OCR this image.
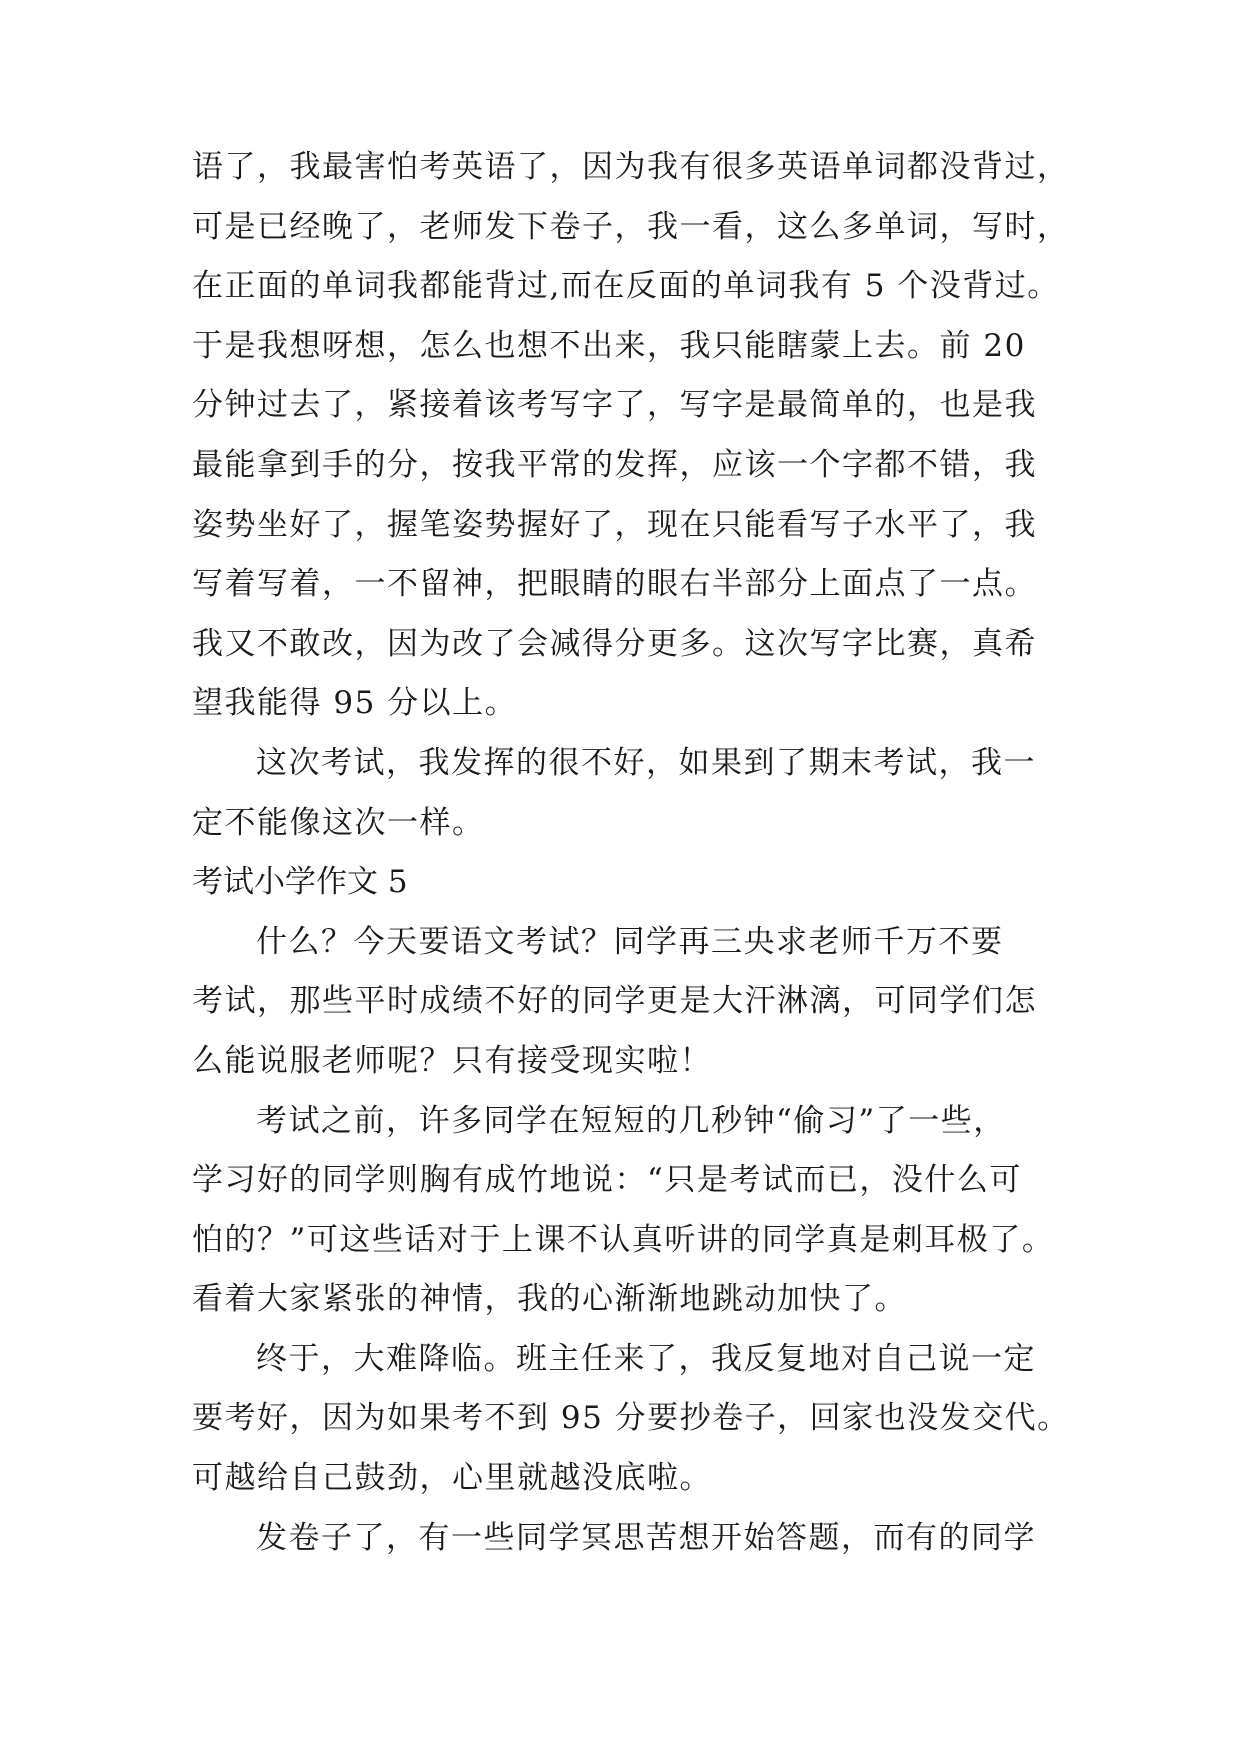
语了，我最害怕考英语了，因为我有很多英语单词都没背过，
可是已经晚了，老师发下卷子，我一看，这么多单词，写时，
在正面的单词我都能背过,而在反面的单词我有 5 个没背过。
于是我想呀想，怎么也想不出来，我只能瞎蒙上去。前 20
分钟过去了，紧接着该考写字了，写字是最简单的，也是我
最能拿到手的分，按我平常的发挥，应该一个字都不错，我
姿势坐好了，握笔姿势握好了，现在只能看写子水平了，我
写着写着，一不留神，把眼睛的眼右半部分上面点了一点。
我又不敢改，因为改了会减得分更多。这次写字比赛，真希
望我能得 95 分以上。
这次考试，我发挥的很不好，如果到了期末考试，我一
定不能像这次一样。
考试小学作文 5
什么？今天要语文考试？同学再三央求老师千万不要
考试，那些平时成绩不好的同学更是大汗淋漓，可同学们怎
么能说服老师呢？只有接受现实啦！
考试之前，许多同学在短短的几秒钟“偷习”了一些，
学习好的同学则胸有成竹地说：“只是考试而已，没什么可
怕的？”可这些话对于上课不认真听讲的同学真是刺耳极了。
看着大家紧张的神情，我的心渐渐地跳动加快了。
终于，大难降临。班主任来了，我反复地对自己说一定
要考好，因为如果考不到 95 分要抄卷子，回家也没发交代。
可越给自己鼓劲，心里就越没底啦。
发卷子了，有一些同学冥思苦想开始答题，而有的同学
